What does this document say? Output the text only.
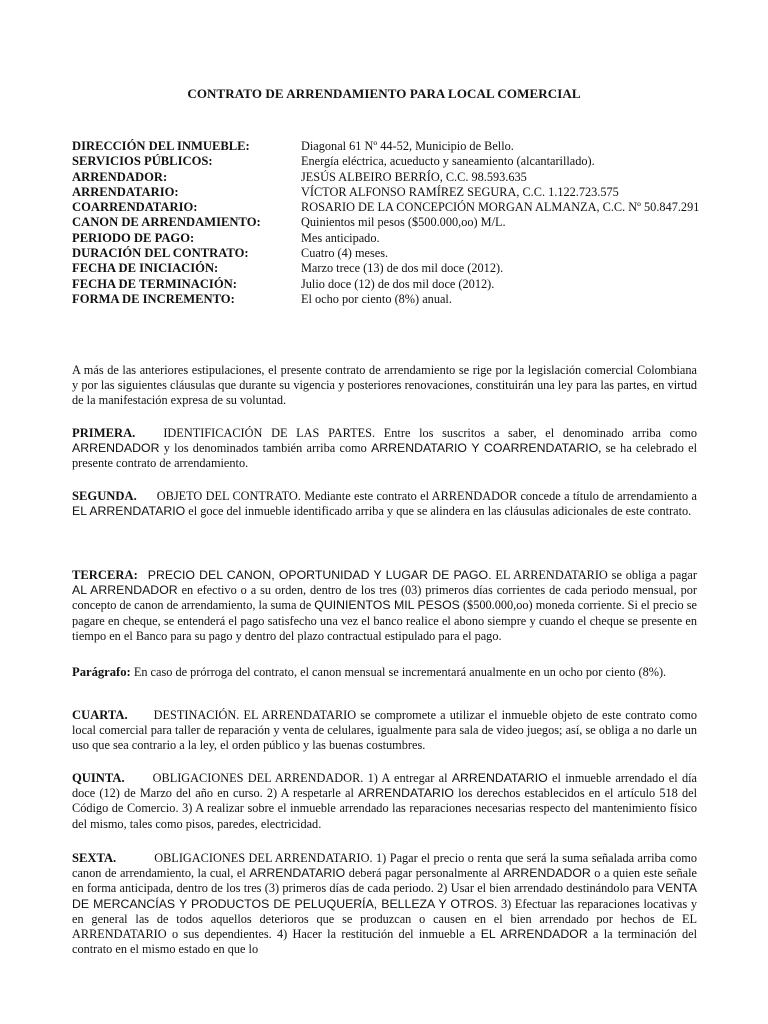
CONTRATO DE ARRENDAMIENTO PARA LOCAL COMERCIAL
DIRECCIÓN DEL INMUEBLE:	Diagonal 61 Nº 44-52, Municipio de Bello.
SERVICIOS PÚBLICOS:	Energía eléctrica, acueducto y saneamiento (alcantarillado).
ARRENDADOR:	JESÚS ALBEIRO BERRÍO, C.C. 98.593.635
ARRENDATARIO:	VÍCTOR ALFONSO RAMÍREZ SEGURA, C.C. 1.122.723.575
COARRENDATARIO:	ROSARIO DE LA CONCEPCIÓN MORGAN ALMANZA, C.C. Nº 50.847.291
CANON DE ARRENDAMIENTO:	Quinientos mil pesos ($500.000,oo) M/L.
PERIODO DE PAGO:	Mes anticipado.
DURACIÓN DEL CONTRATO:	Cuatro (4) meses.
FECHA DE INICIACIÓN:	Marzo trece (13) de dos mil doce (2012).
FECHA DE TERMINACIÓN:	Julio doce (12) de dos mil doce (2012).
FORMA DE INCREMENTO:	El ocho por ciento (8%) anual.

A más de las anteriores estipulaciones, el presente contrato de arrendamiento se rige por la legislación comercial Colombiana y por las siguientes cláusulas que durante su vigencia y posteriores renovaciones, constituirán una ley para las partes, en virtud de la manifestación expresa de su voluntad.

PRIMERA. IDENTIFICACIÓN DE LAS PARTES. Entre los suscritos a saber, el denominado arriba como ARRENDADOR y los denominados también arriba como ARRENDATARIO Y COARRENDATARIO, se ha celebrado el presente contrato de arrendamiento.

SEGUNDA. OBJETO DEL CONTRATO. Mediante este contrato el ARRENDADOR concede a título de arrendamiento a EL ARRENDATARIO el goce del inmueble identificado arriba y que se alindera en las cláusulas adicionales de este contrato.

TERCERA: PRECIO DEL CANON, OPORTUNIDAD Y LUGAR DE PAGO. EL ARRENDATARIO se obliga a pagar AL ARRENDADOR en efectivo o a su orden, dentro de los tres (03) primeros días corrientes de cada periodo mensual, por concepto de canon de arrendamiento, la suma de QUINIENTOS MIL PESOS ($500.000,oo) moneda corriente. Si el precio se pagare en cheque, se entenderá el pago satisfecho una vez el banco realice el abono siempre y cuando el cheque se presente en tiempo en el Banco para su pago y dentro del plazo contractual estipulado para el pago.

Parágrafo: En caso de prórroga del contrato, el canon mensual se incrementará anualmente en un ocho por ciento (8%).

CUARTA. DESTINACIÓN. EL ARRENDATARIO se compromete a utilizar el inmueble objeto de este contrato como local comercial para taller de reparación y venta de celulares, igualmente para sala de video juegos; así, se obliga a no darle un uso que sea contrario a la ley, el orden público y las buenas costumbres.

QUINTA. OBLIGACIONES DEL ARRENDADOR. 1) A entregar al ARRENDATARIO el inmueble arrendado el día doce (12) de Marzo del año en curso. 2) A respetarle al ARRENDATARIO los derechos establecidos en el artículo 518 del Código de Comercio. 3) A realizar sobre el inmueble arrendado las reparaciones necesarias respecto del mantenimiento físico del mismo, tales como pisos, paredes, electricidad.

SEXTA.	OBLIGACIONES DEL ARRENDATARIO. 1) Pagar el precio o renta que será la suma señalada arriba como canon de arrendamiento, la cual, el ARRENDATARIO deberá pagar personalmente al ARRENDADOR o a quien este señale en forma anticipada, dentro de los tres (3) primeros días de cada periodo. 2) Usar el bien arrendado destinándolo para VENTA DE MERCANCÍAS Y PRODUCTOS DE PELUQUERÍA, BELLEZA Y OTROS. 3) Efectuar las reparaciones locativas y en general las de todos aquellos deterioros que se produzcan o causen en el bien arrendado por hechos de EL ARRENDATARIO o sus dependientes. 4) Hacer la restitución del inmueble a EL ARRENDADOR a la terminación del contrato en el mismo estado en que lo
